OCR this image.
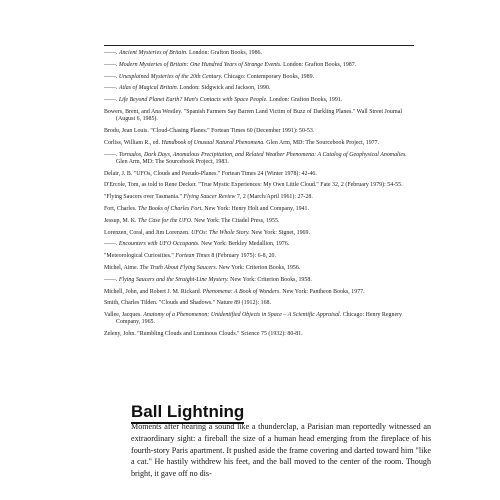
——. Ancient Mysteries of Britain. London: Grafton Books, 1986.

——. Modern Mysteries of Britain: One Hundred Years of Strange Events. London: Grafton Books, 1987.

——. Unexplained Mysteries of the 20th Century. Chicago: Contemporary Books, 1989.

——. Atlas of Magical Britain. London: Sidgwick and Jackson, 1990.

——. Life Beyond Planet Earth? Man's Contacts with Space People. London: Grafton Books, 1991.

Bowers, Brent, and Ana Westley. "Spanish Farmers Say Barren Land Victim of Buzz of Darkling Planes." Wall Street Journal (August 6, 1985).

Brodu, Jean Louis. "Cloud-Chasing Planes." Fortean Times 60 (December 1991): 50-53.

Corliss, William R., ed. Handbook of Unusual Natural Phenomena. Glen Arm, MD: The Sourcebook Project, 1977.

——. Tornados, Dark Days, Anomalous Precipitation, and Related Weather Phenomena: A Catalog of Geophysical Anomalies. Glen Arm, MD: The Sourcebook Project, 1983.

Delair, J. B. "UFOs, Clouds and Pseudo-Planes." Fortean Times 24 (Winter 1978): 42-46.

D'Ercole, Tom, as told to Rene Decker. "True Mystic Experiences: My Own Little Cloud." Fate 32, 2 (February 1979): 54-55.

"Flying Saucers over Tasmania." Flying Saucer Review 7, 2 (March/April 1961): 27-28.

Fort, Charles. The Books of Charles Fort. New York: Henry Holt and Company, 1941.

Jessup, M. K. The Case for the UFO. New York: The Citadel Press, 1955.

Lorenzen, Coral, and Jim Lorenzen. UFOs: The Whole Story. New York: Signet, 1969.

——. Encounters with UFO Occupants. New York: Berkley Medallion, 1976.

"Meteorological Curiosities." Fortean Times 8 (February 1975): 6-8, 20.

Michel, Aime. The Truth About Flying Saucers. New York: Criterion Books, 1956.

——. Flying Saucers and the Straight-Line Mystery. New York: Criterion Books, 1958.

Michell, John, and Robert J. M. Rickard. Phenomena: A Book of Wonders. New York: Pantheon Books, 1977.

Smith, Charles Tilden. "Clouds and Shadows." Nature 89 (1912): 168.

Vallee, Jacques. Anatomy of a Phenomenon: Unidentified Objects in Space – A Scientific Appraisal. Chicago: Henry Regnery Company, 1965.

Zeleny, John. "Rumbling Clouds and Luminous Clouds." Science 75 (1932): 80-81.

Ball Lightning

Moments after hearing a sound like a thunderclap, a Parisian man reportedly witnessed an extraordinary sight: a fireball the size of a human head emerging from the fireplace of his fourth-story Paris apartment. It pushed aside the frame covering and darted toward him "like a cat." He hastily withdrew his feet, and the ball moved to the center of the room. Though bright, it gave off no dis-
